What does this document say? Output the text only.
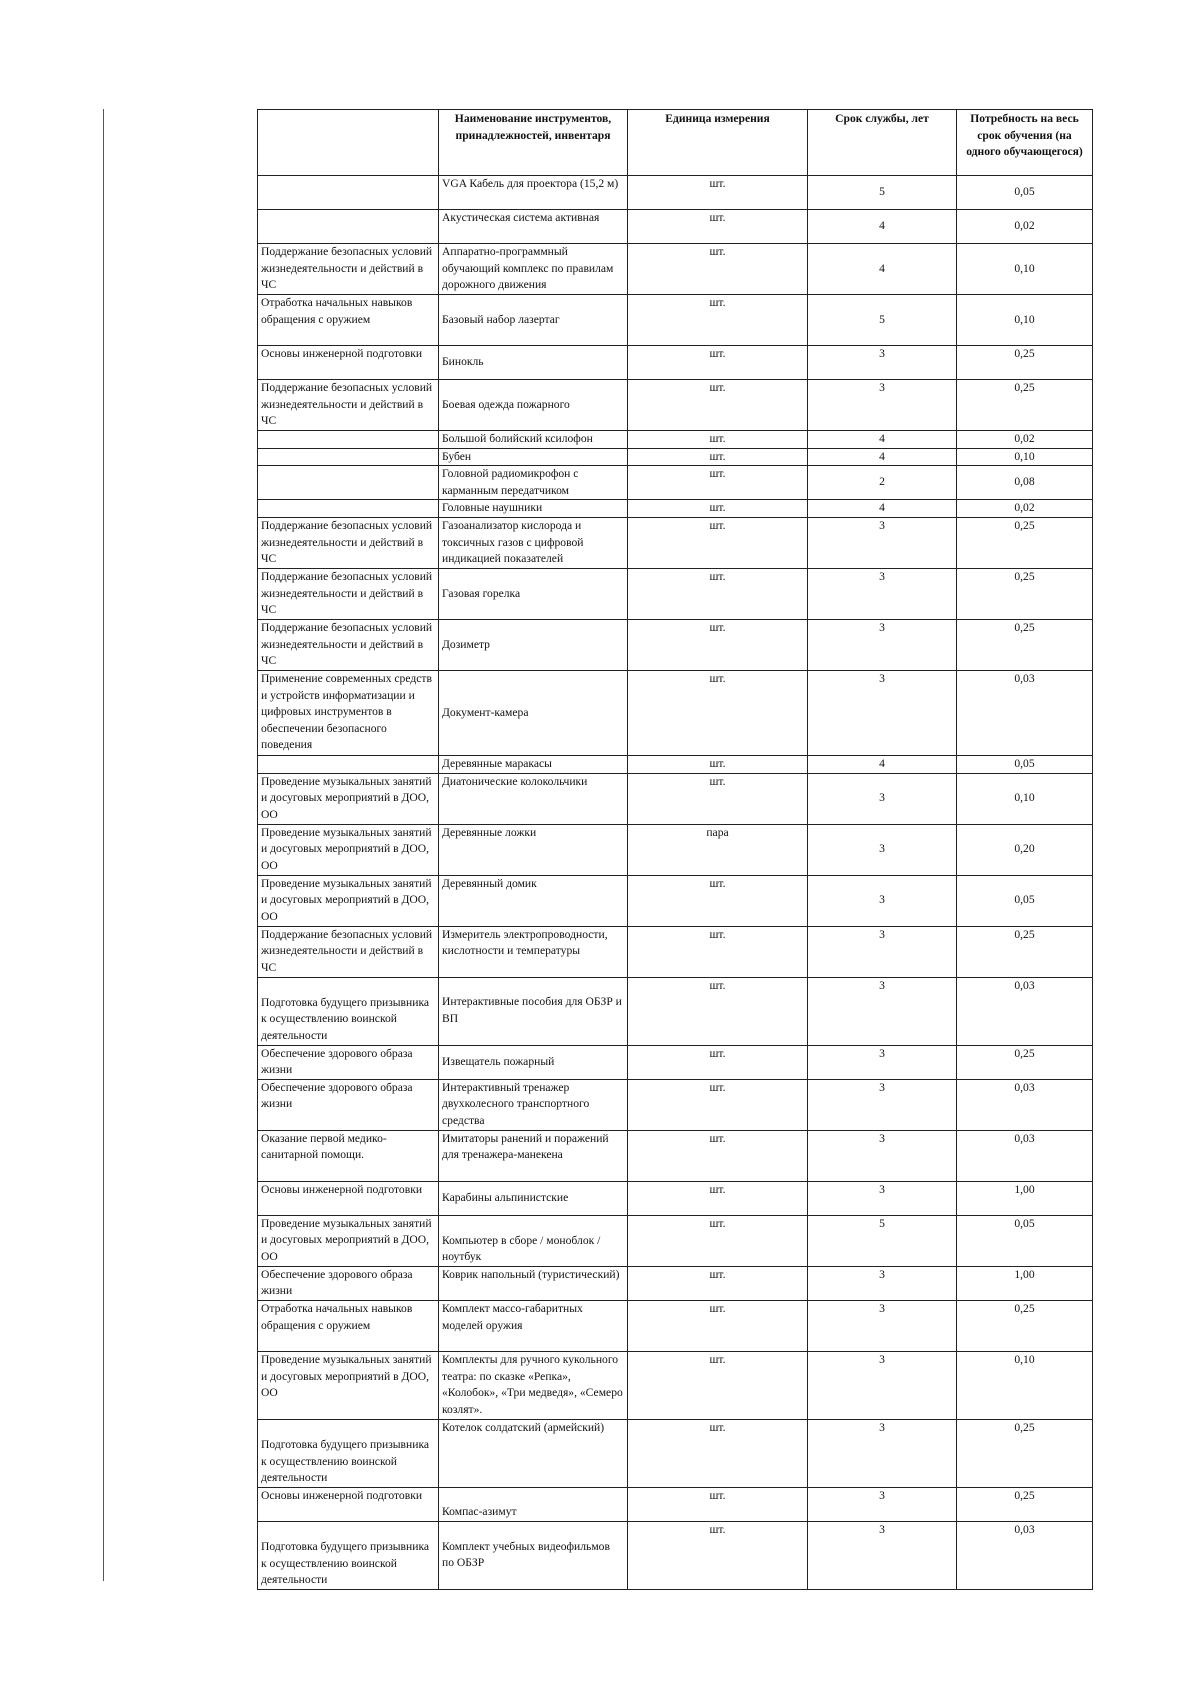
	Наименование инструментов, принадлежностей, инвентаря	Единица измерения	Срок службы, лет	Потребность на весь срок обучения (на одного обучающегося)
	VGA Кабель для проектора (15,2 м)	шт.	5	0,05
	Акустическая система активная	шт.	4	0,02
Поддержание безопасных условий жизнедеятельности и действий в ЧС	Аппаратно-программный обучающий комплекс по правилам дорожного движения	шт.	4	0,10
Отработка начальных навыков обращения с оружием	Базовый набор лазертаг	шт.	5	0,10
Основы инженерной подготовки	Бинокль	шт.	3	0,25
Поддержание безопасных условий жизнедеятельности и действий в ЧС	Боевая одежда пожарного	шт.	3	0,25
	Большой болийский ксилофон	шт.	4	0,02
	Бубен	шт.	4	0,10
	Головной радиомикрофон с карманным передатчиком	шт.	2	0,08
	Головные наушники	шт.	4	0,02
Поддержание безопасных условий жизнедеятельности и действий в ЧС	Газоанализатор кислорода и токсичных газов с цифровой индикацией показателей	шт.	3	0,25
Поддержание безопасных условий жизнедеятельности и действий в ЧС	Газовая горелка	шт.	3	0,25
Поддержание безопасных условий жизнедеятельности и действий в ЧС	Дозиметр	шт.	3	0,25
Применение современных средств и устройств информатизации и цифровых инструментов в обеспечении безопасного поведения	Документ-камера	шт.	3	0,03
	Деревянные маракасы	шт.	4	0,05
Проведение музыкальных занятий и досуговых мероприятий в ДОО, ОО	Диатонические колокольчики	шт.	3	0,10
Проведение музыкальных занятий и досуговых мероприятий в ДОО, ОО	Деревянные ложки	пара	3	0,20
Проведение музыкальных занятий и досуговых мероприятий в ДОО, ОО	Деревянный домик	шт.	3	0,05
Поддержание безопасных условий жизнедеятельности и действий в ЧС	Измеритель электропроводности, кислотности и температуры	шт.	3	0,25
Подготовка будущего призывника к осуществлению воинской деятельности	Интерактивные пособия для ОБЗР и ВП	шт.	3	0,03
Обеспечение здорового образа жизни	Извещатель пожарный	шт.	3	0,25
Обеспечение здорового образа жизни	Интерактивный тренажер двухколесного транспортного средства	шт.	3	0,03
Оказание первой медико-санитарной помощи.	Имитаторы ранений и поражений для тренажера-манекена	шт.	3	0,03
Основы инженерной подготовки	Карабины альпинистские	шт.	3	1,00
Проведение музыкальных занятий и досуговых мероприятий в ДОО, ОО	Компьютер в сборе / моноблок / ноутбук	шт.	5	0,05
Обеспечение здорового образа жизни	Коврик напольный (туристический)	шт.	3	1,00
Отработка начальных навыков обращения с оружием	Комплект массо-габаритных моделей оружия	шт.	3	0,25
Проведение музыкальных занятий и досуговых мероприятий в ДОО, ОО	Комплекты для ручного кукольного театра: по сказке «Репка», «Колобок», «Три медведя», «Семеро козлят».	шт.	3	0,10
Подготовка будущего призывника к осуществлению воинской деятельности	Котелок солдатский (армейский)	шт.	3	0,25
Основы инженерной подготовки	Компас-азимут	шт.	3	0,25
Подготовка будущего призывника к осуществлению воинской деятельности	Комплект учебных видеофильмов по ОБЗР	шт.	3	0,03
